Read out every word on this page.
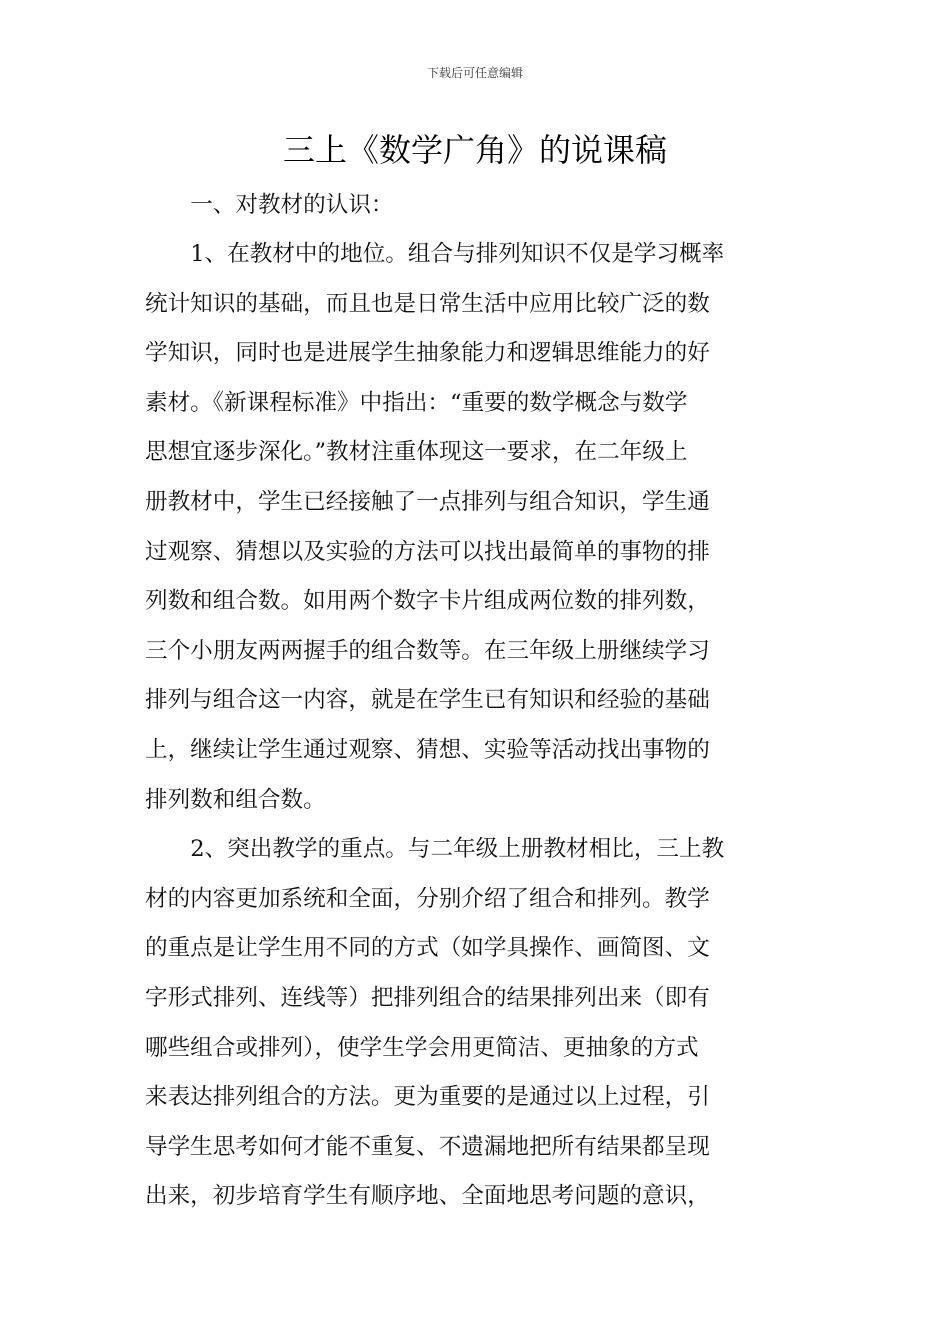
下载后可任意编辑
三上《数学广角》的说课稿
一、对教材的认识：

1、在教材中的地位。组合与排列知识不仅是学习概率
统计知识的基础，而且也是日常生活中应用比较广泛的数
学知识，同时也是进展学生抽象能力和逻辑思维能力的好
素材。《新课程标准》中指出：“重要的数学概念与数学
思想宜逐步深化。”教材注重体现这一要求，在二年级上
册教材中，学生已经接触了一点排列与组合知识，学生通
过观察、猜想以及实验的方法可以找出最简单的事物的排
列数和组合数。如用两个数字卡片组成两位数的排列数，
三个小朋友两两握手的组合数等。在三年级上册继续学习
排列与组合这一内容，就是在学生已有知识和经验的基础
上，继续让学生通过观察、猜想、实验等活动找出事物的
排列数和组合数。

2、突出教学的重点。与二年级上册教材相比，三上教
材的内容更加系统和全面，分别介绍了组合和排列。教学
的重点是让学生用不同的方式（如学具操作、画简图、文
字形式排列、连线等）把排列组合的结果排列出来（即有
哪些组合或排列），使学生学会用更简洁、更抽象的方式
来表达排列组合的方法。更为重要的是通过以上过程，引
导学生思考如何才能不重复、不遗漏地把所有结果都呈现
出来，初步培育学生有顺序地、全面地思考问题的意识，
